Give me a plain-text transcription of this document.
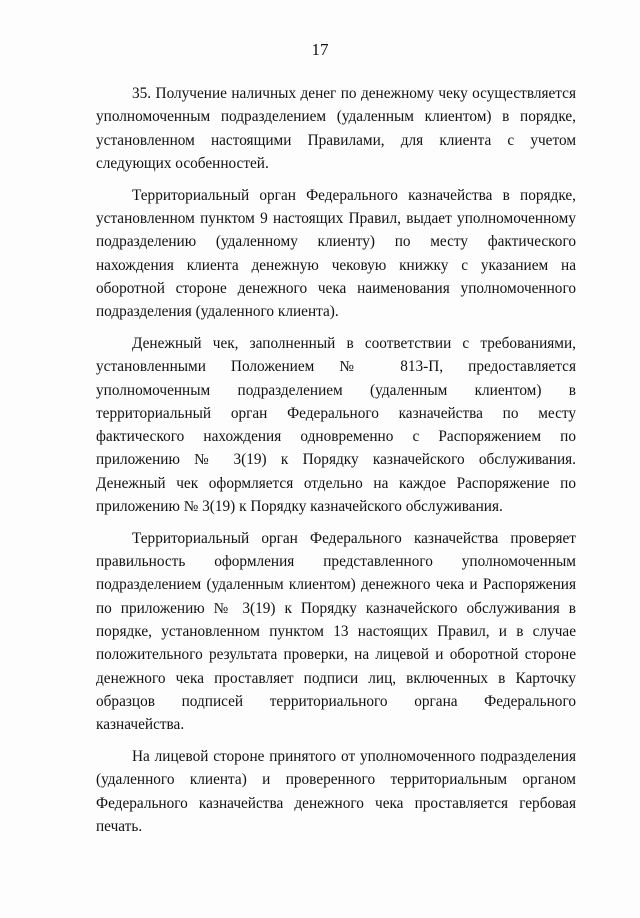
17

35. Получение наличных денег по денежному чеку осуществляется уполномоченным подразделением (удаленным клиентом) в порядке, установленном настоящими Правилами, для клиента с учетом следующих особенностей.

Территориальный орган Федерального казначейства в порядке, установленном пунктом 9 настоящих Правил, выдает уполномоченному подразделению (удаленному клиенту) по месту фактического нахождения клиента денежную чековую книжку с указанием на оборотной стороне денежного чека наименования уполномоченного подразделения (удаленного клиента).

Денежный чек, заполненный в соответствии с требованиями, установленными Положением № 813-П, предоставляется уполномоченным подразделением (удаленным клиентом) в территориальный орган Федерального казначейства по месту фактического нахождения одновременно с Распоряжением по приложению № 3(19) к Порядку казначейского обслуживания. Денежный чек оформляется отдельно на каждое Распоряжение по приложению № 3(19) к Порядку казначейского обслуживания.

Территориальный орган Федерального казначейства проверяет правильность оформления представленного уполномоченным подразделением (удаленным клиентом) денежного чека и Распоряжения по приложению № 3(19) к Порядку казначейского обслуживания в порядке, установленном пунктом 13 настоящих Правил, и в случае положительного результата проверки, на лицевой и оборотной стороне денежного чека проставляет подписи лиц, включенных в Карточку образцов подписей территориального органа Федерального казначейства.

На лицевой стороне принятого от уполномоченного подразделения (удаленного клиента) и проверенного территориальным органом Федерального казначейства денежного чека проставляется гербовая печать.
